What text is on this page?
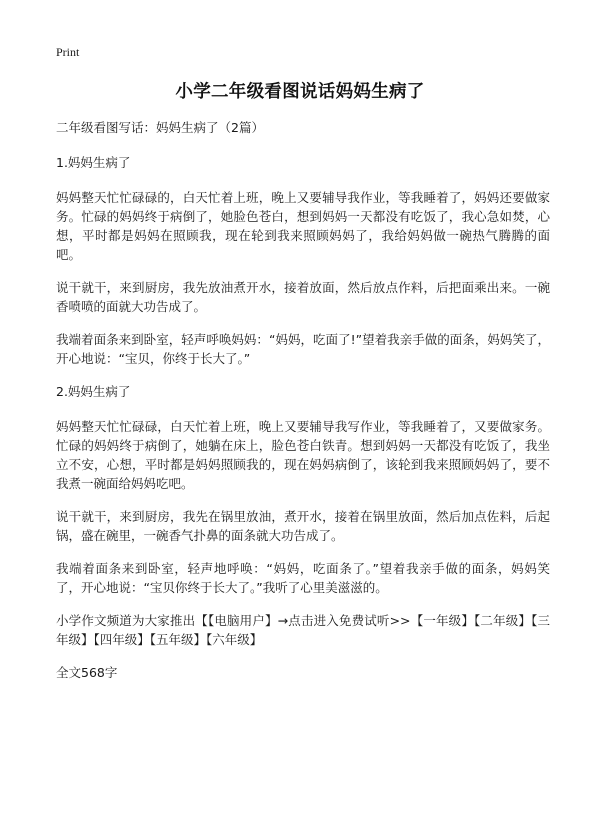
Print
小学二年级看图说话妈妈生病了

二年级看图写话：妈妈生病了（2篇）

1.妈妈生病了

妈妈整天忙忙碌碌的，白天忙着上班，晚上又要辅导我作业，等我睡着了，妈妈还要做家务。忙碌的妈妈终于病倒了，她脸色苍白，想到妈妈一天都没有吃饭了，我心急如焚，心想，平时都是妈妈在照顾我，现在轮到我来照顾妈妈了，我给妈妈做一碗热气腾腾的面吧。

说干就干，来到厨房，我先放油煮开水，接着放面，然后放点作料，后把面乘出来。一碗香喷喷的面就大功告成了。

我端着面条来到卧室，轻声呼唤妈妈：“妈妈，吃面了!”望着我亲手做的面条，妈妈笑了，开心地说：“宝贝，你终于长大了。”

2.妈妈生病了

妈妈整天忙忙碌碌，白天忙着上班，晚上又要辅导我写作业，等我睡着了，又要做家务。忙碌的妈妈终于病倒了，她躺在床上，脸色苍白铁青。想到妈妈一天都没有吃饭了，我坐立不安，心想，平时都是妈妈照顾我的，现在妈妈病倒了，该轮到我来照顾妈妈了，要不我煮一碗面给妈妈吃吧。

说干就干，来到厨房，我先在锅里放油，煮开水，接着在锅里放面，然后加点佐料，后起锅，盛在碗里，一碗香气扑鼻的面条就大功告成了。

我端着面条来到卧室，轻声地呼唤：“妈妈，吃面条了。”望着我亲手做的面条，妈妈笑了，开心地说：“宝贝你终于长大了。”我听了心里美滋滋的。

小学作文频道为大家推出【【电脑用户】→点击进入免费试听>>【一年级】【二年级】【三年级】【四年级】【五年级】【六年级】

全文568字
